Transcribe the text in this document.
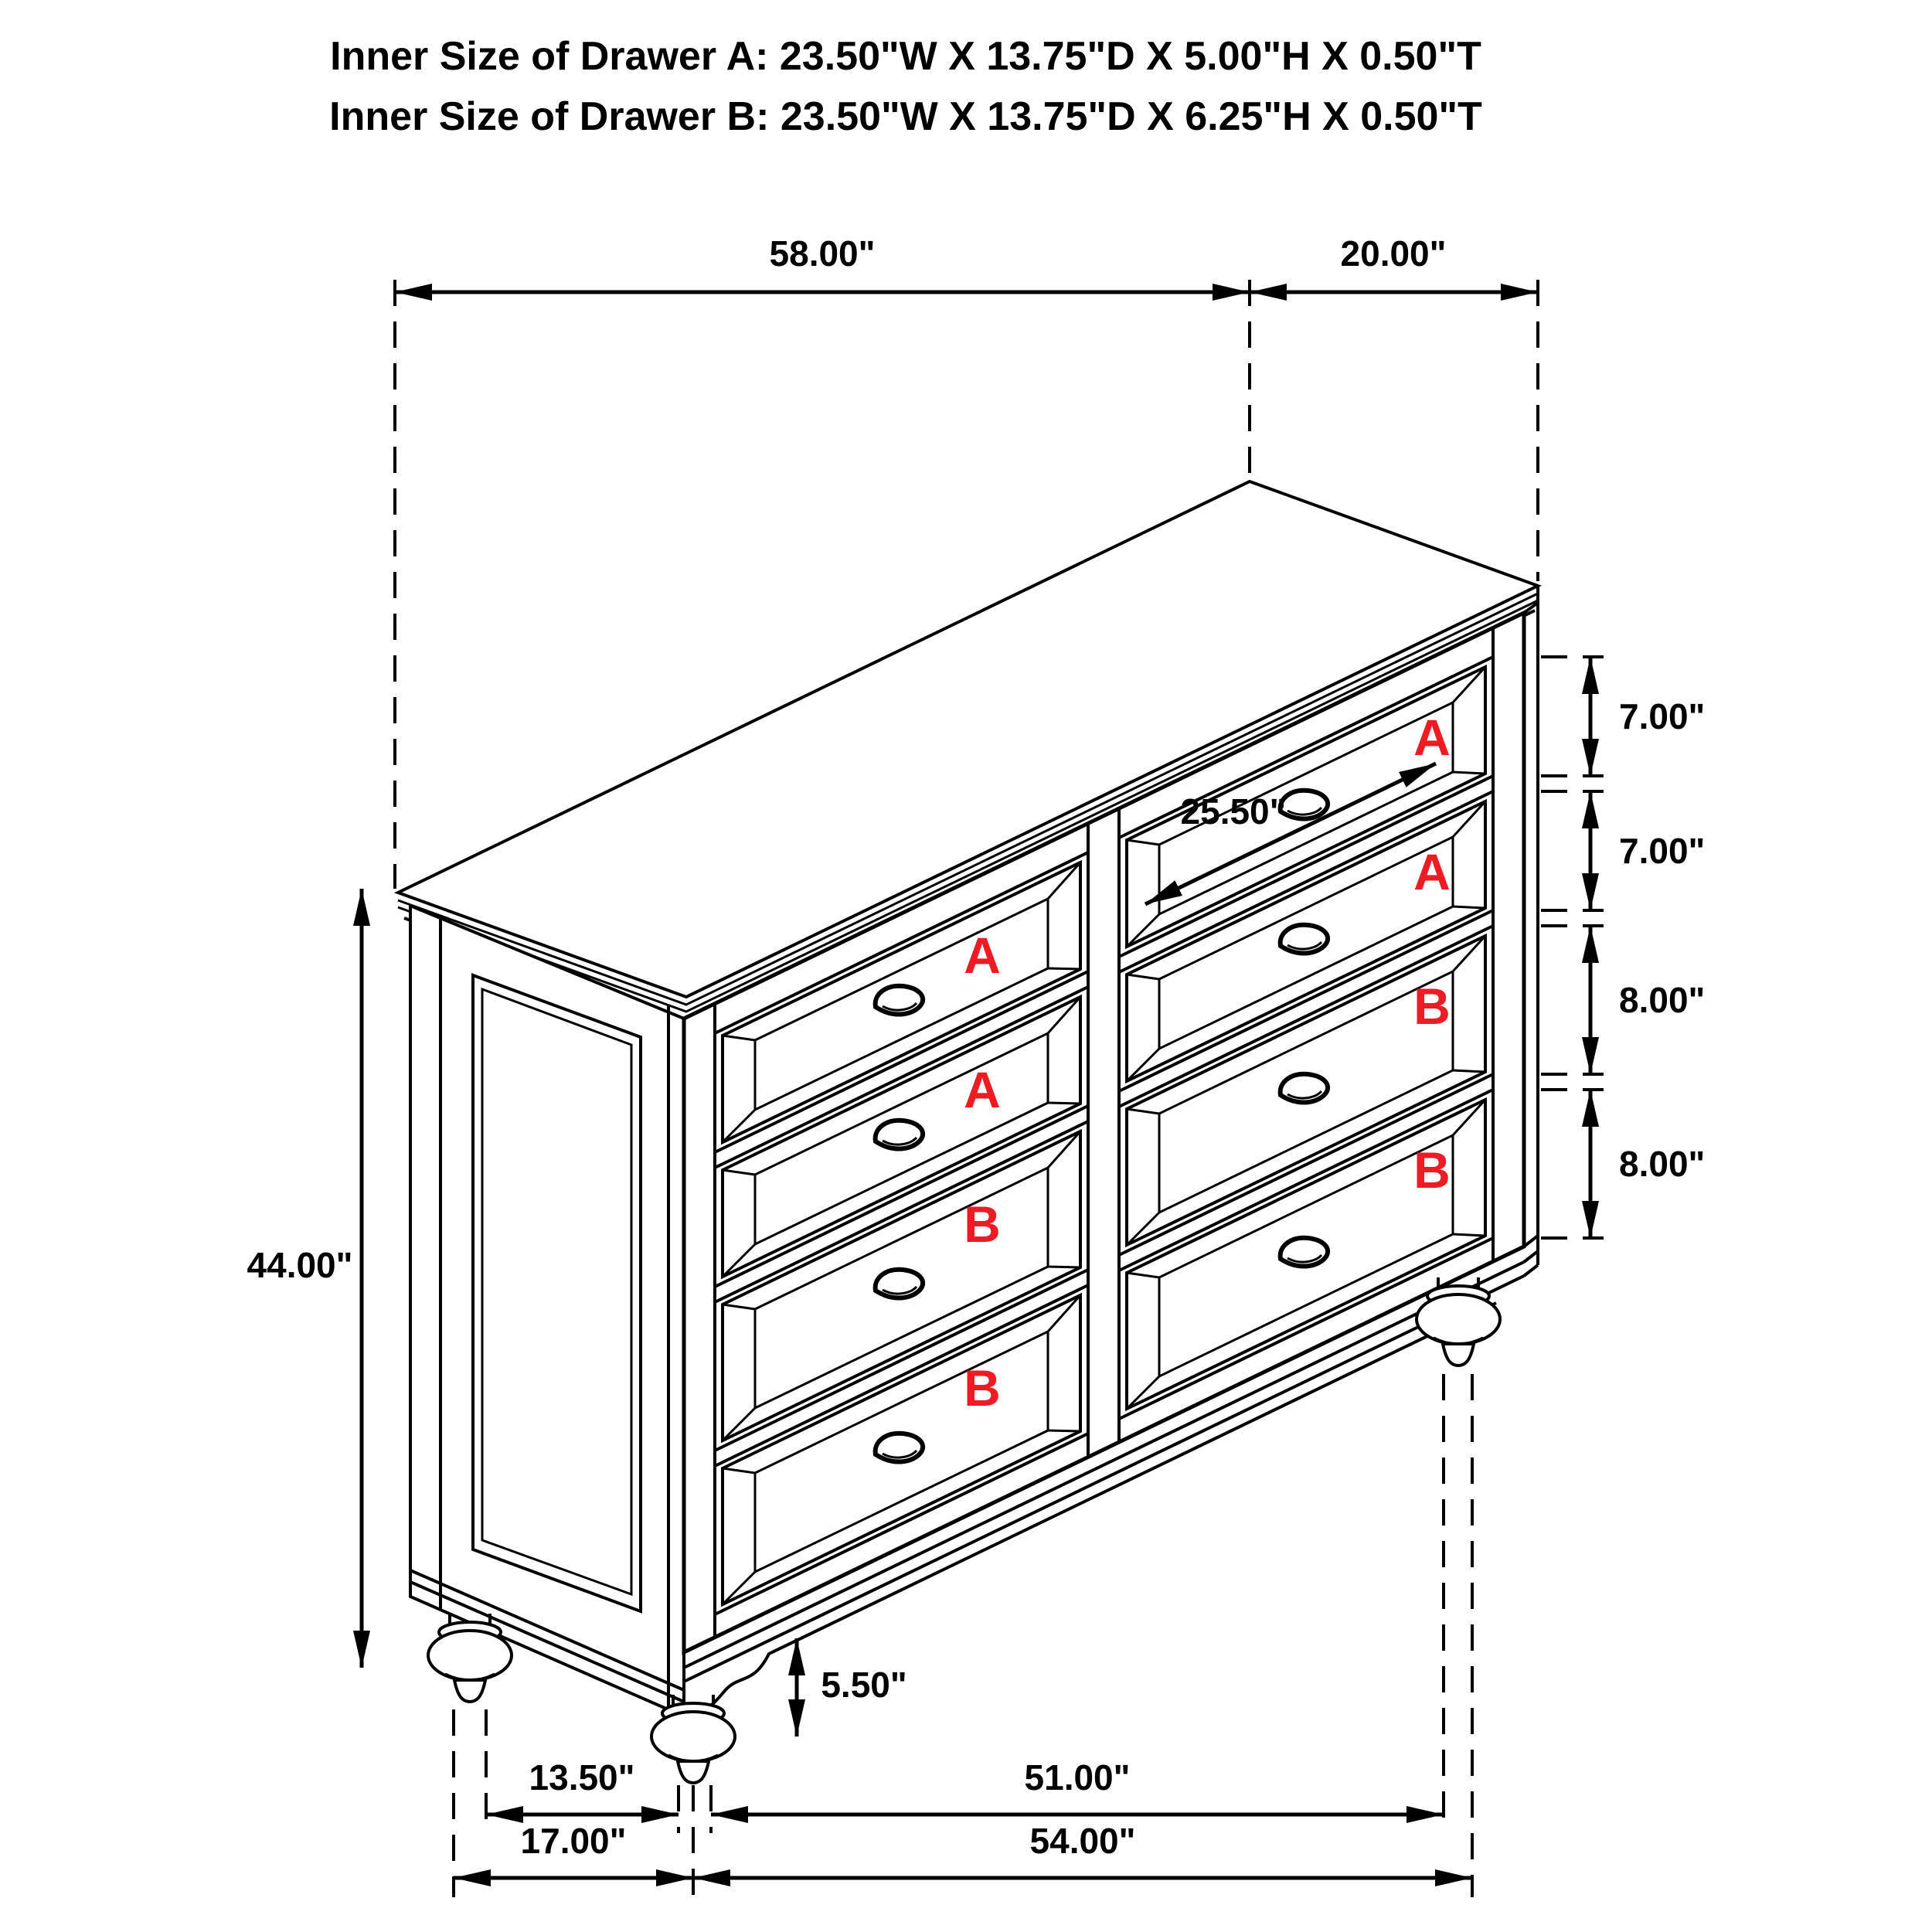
Inner Size of Drawer A: 23.50"W X 13.75"D X 5.00"H X 0.50"T
Inner Size of Drawer B: 23.50"W X 13.75"D X 6.25"H X 0.50"T
A
A
B
B
A
A
B
B
58.00"	20.00"
7.00"
7.00"
8.00"
8.00"
44.00"
25.50"
5.50"
13.50"	51.00"
17.00"	54.00"
